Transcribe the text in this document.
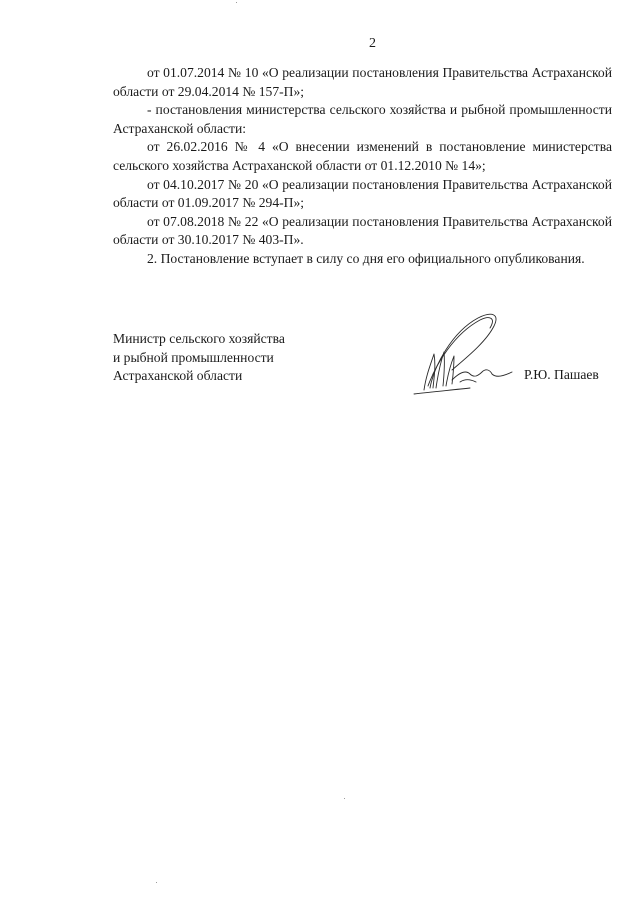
2

от 01.07.2014 № 10 «О реализации постановления Правительства Астраханской области от 29.04.2014 № 157-П»;

- постановления министерства сельского хозяйства и рыбной промышленности Астраханской области:

от 26.02.2016 № 4 «О внесении изменений в постановление министерства сельского хозяйства Астраханской области от 01.12.2010 № 14»;

от 04.10.2017 № 20 «О реализации постановления Правительства Астраханской области от 01.09.2017 № 294-П»;

от 07.08.2018 № 22 «О реализации постановления Правительства Астраханской области от 30.10.2017 № 403-П».

2. Постановление вступает в силу со дня его официального опубликования.

Министр сельского хозяйства
и рыбной промышленности
Астраханской области	Р.Ю. Пашаев
